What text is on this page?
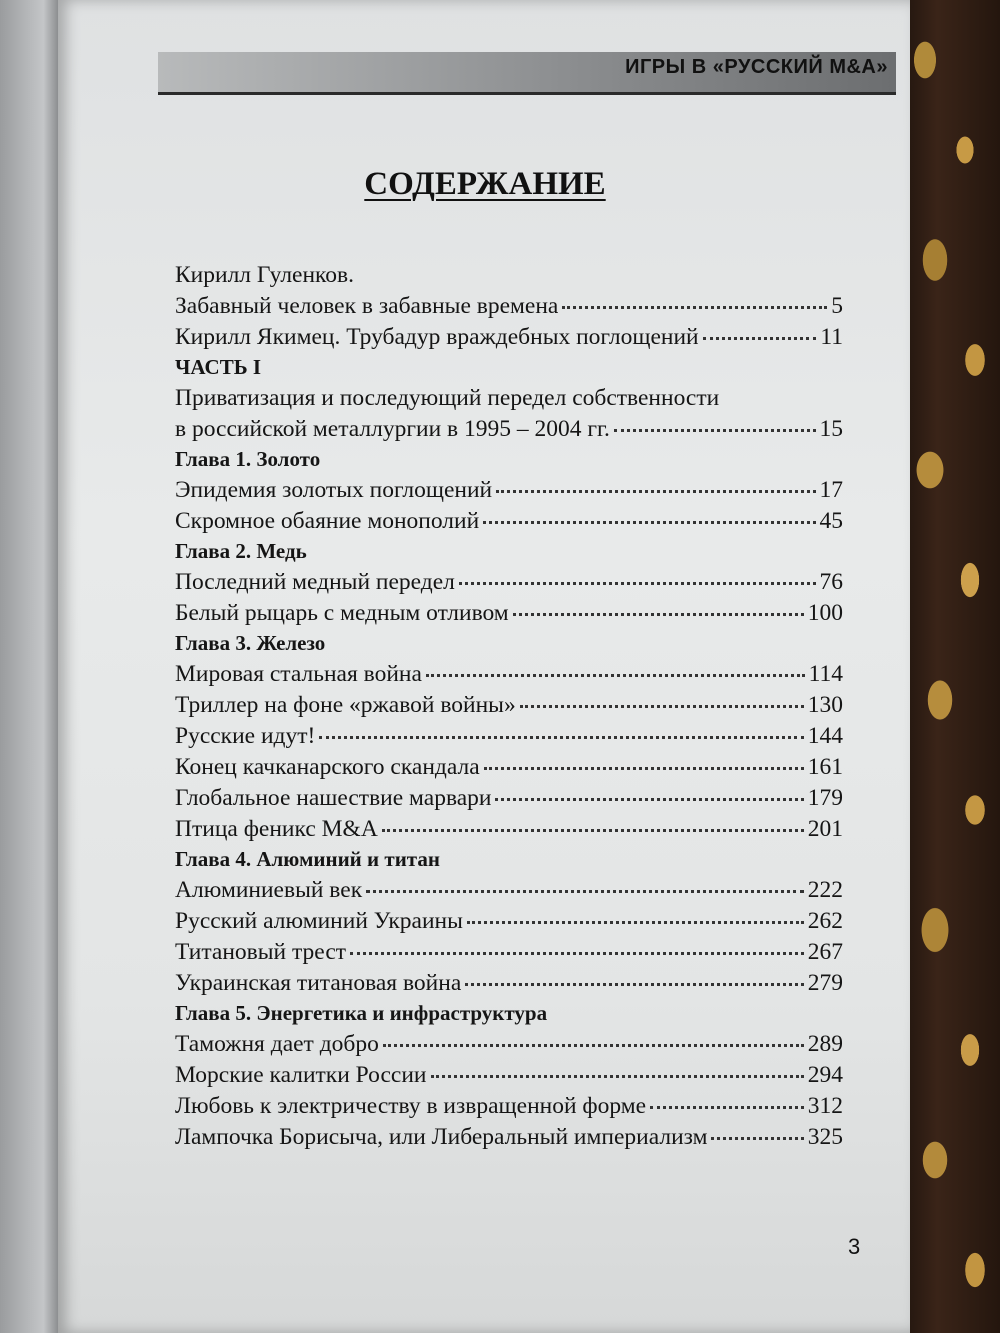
ИГРЫ В «РУССКИЙ M&A»
СОДЕРЖАНИЕ
Кирилл Гуленков.
Забавный человек в забавные времена	5
Кирилл Якимец. Трубадур враждебных поглощений	11
ЧАСТЬ I
Приватизация и последующий передел собственности
в российской металлургии в 1995 – 2004 гг.	15
Глава 1. Золото
Эпидемия золотых поглощений	17
Скромное обаяние монополий	45
Глава 2. Медь
Последний медный передел	76
Белый рыцарь с медным отливом	100
Глава 3. Железо
Мировая стальная война	114
Триллер на фоне «ржавой войны»	130
Русские идут!	144
Конец качканарского скандала	161
Глобальное нашествие марвари	179
Птица феникс M&A	201
Глава 4. Алюминий и титан
Алюминиевый век	222
Русский алюминий Украины	262
Титановый трест	267
Украинская титановая война	279
Глава 5. Энергетика и инфраструктура
Таможня дает добро	289
Морские калитки России	294
Любовь к электричеству в извращенной форме	312
Лампочка Борисыча, или Либеральный империализм	325
3
